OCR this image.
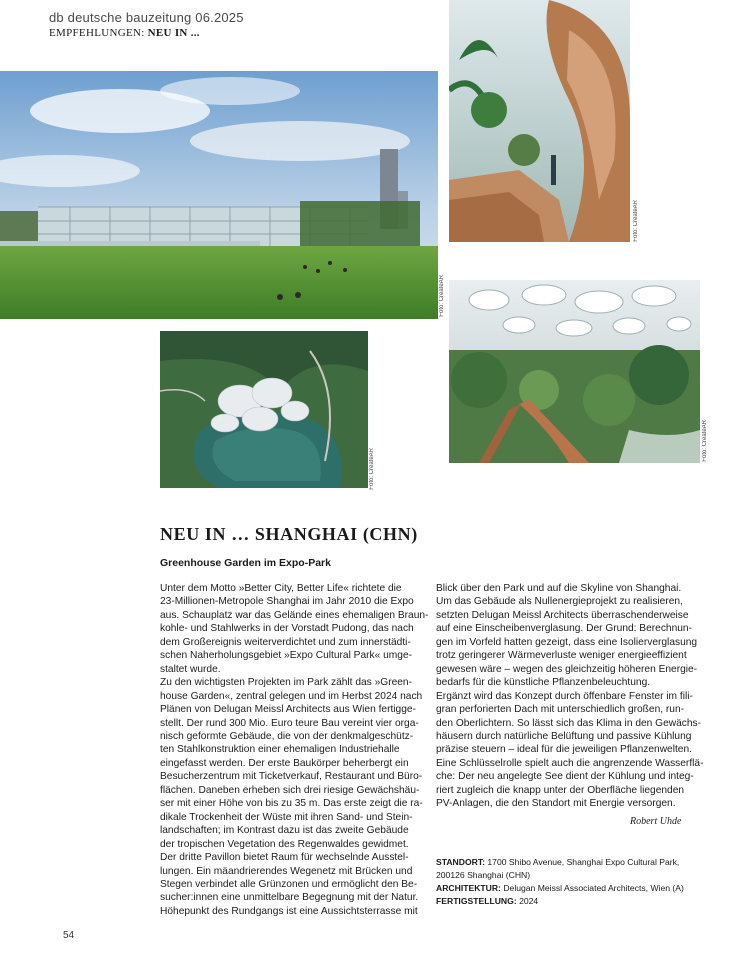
db deutsche bauzeitung 06.2025
EMPFEHLUNGEN: NEU IN ...
Foto: CreateAR
Foto: CreateAR
Foto: CreateAR
Foto: CreateAR
NEU IN … SHANGHAI (CHN)
Greenhouse Garden im Expo-Park
Unter dem Motto »Better City, Better Life« richtete die
23-Millionen-Metropole Shanghai im Jahr 2010 die Expo
aus. Schauplatz war das Gelände eines ehemaligen Braun-
kohle- und Stahlwerks in der Vorstadt Pudong, das nach
dem Großereignis weiterverdichtet und zum innerstädti-
schen Naherholungsgebiet »Expo Cultural Park« umge-
staltet wurde.
Zu den wichtigsten Projekten im Park zählt das »Green-
house Garden«, zentral gelegen und im Herbst 2024 nach
Plänen von Delugan Meissl Architects aus Wien fertigge-
stellt. Der rund 300 Mio. Euro teure Bau vereint vier orga-
nisch geformte Gebäude, die von der denkmalgeschütz-
ten Stahlkonstruktion einer ehemaligen Industriehalle
eingefasst werden. Der erste Baukörper beherbergt ein
Besucherzentrum mit Ticketverkauf, Restaurant und Büro-
flächen. Daneben erheben sich drei riesige Gewächshäu-
ser mit einer Höhe von bis zu 35 m. Das erste zeigt die ra-
dikale Trockenheit der Wüste mit ihren Sand- und Stein-
landschaften; im Kontrast dazu ist das zweite Gebäude
der tropischen Vegetation des Regenwaldes gewidmet.
Der dritte Pavillon bietet Raum für wechselnde Ausstel-
lungen. Ein mäandrierendes Wegenetz mit Brücken und
Stegen verbindet alle Grünzonen und ermöglicht den Be-
sucher:innen eine unmittelbare Begegnung mit der Natur.
Höhepunkt des Rundgangs ist eine Aussichtsterrasse mit
Blick über den Park und auf die Skyline von Shanghai.
Um das Gebäude als Nullenergieprojekt zu realisieren,
setzten Delugan Meissl Architects überraschenderweise
auf eine Einscheibenverglasung. Der Grund: Berechnun-
gen im Vorfeld hatten gezeigt, dass eine Isolierverglasung
trotz geringerer Wärmeverluste weniger energieeffizient
gewesen wäre – wegen des gleichzeitig höheren Energie-
bedarfs für die künstliche Pflanzenbeleuchtung.
Ergänzt wird das Konzept durch öffenbare Fenster im fili-
gran perforierten Dach mit unterschiedlich großen, run-
den Oberlichtern. So lässt sich das Klima in den Gewächs-
häusern durch natürliche Belüftung und passive Kühlung
präzise steuern – ideal für die jeweiligen Pflanzenwelten.
Eine Schlüsselrolle spielt auch die angrenzende Wasserflä-
che: Der neu angelegte See dient der Kühlung und integ-
riert zugleich die knapp unter der Oberfläche liegenden
PV-Anlagen, die den Standort mit Energie versorgen.
Robert Uhde
STANDORT: 1700 Shibo Avenue, Shanghai Expo Cultural Park,
200126 Shanghai (CHN)
ARCHITEKTUR: Delugan Meissl Associated Architects, Wien (A)
FERTIGSTELLUNG: 2024
54
